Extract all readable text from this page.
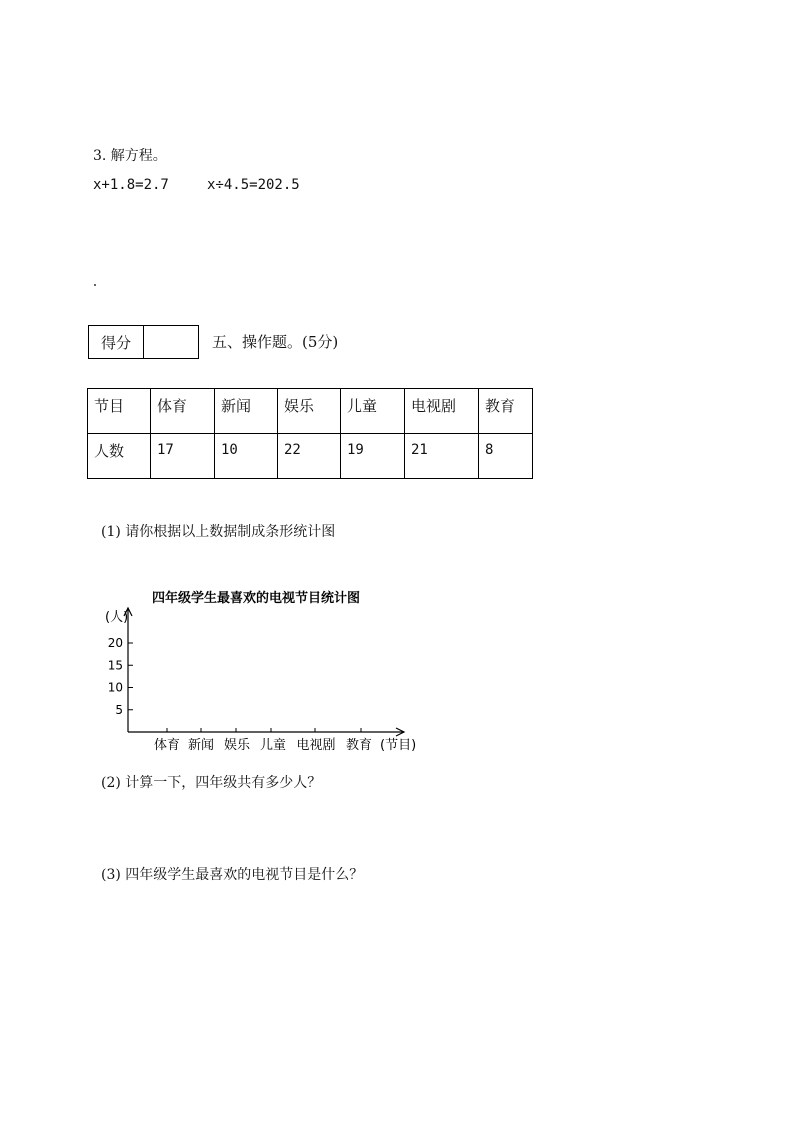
3. 解方程。
x+1.8=2.7	x÷4.5=202.5
得分		五、操作题。(5分)
节目	体育	新闻	娱乐	儿童	电视剧	教育
人数	17	10	22	19	21	8
(1) 请你根据以上数据制成条形统计图
四年级学生最喜欢的电视节目统计图
(人)
5
10
15
20
体育 新闻 娱乐 儿童 电视剧 教育 (节目)
(2) 计算一下，四年级共有多少人？
(3) 四年级学生最喜欢的电视节目是什么？
